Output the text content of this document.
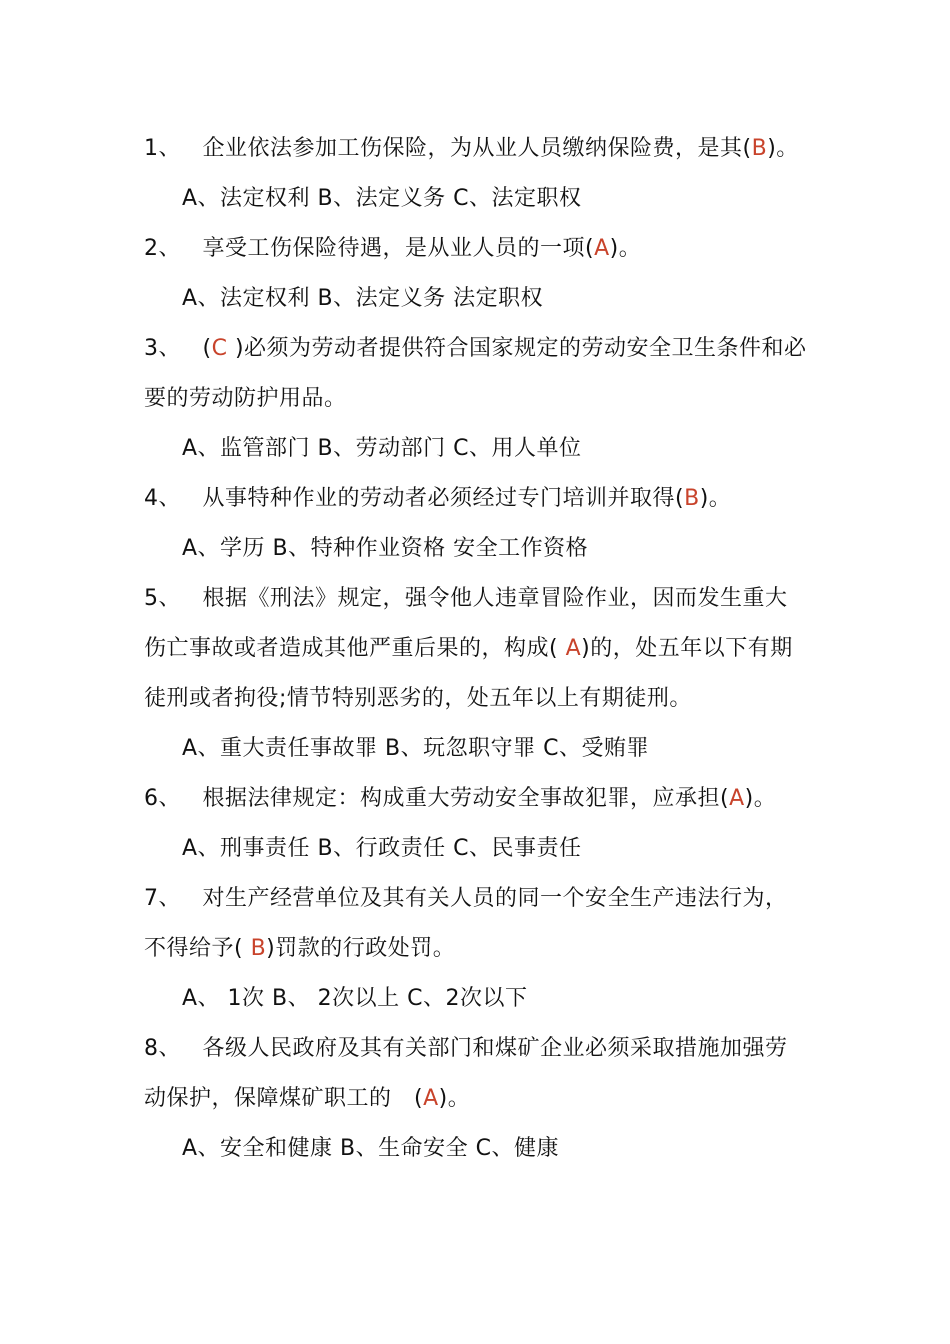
1、 企业依法参加工伤保险，为从业人员缴纳保险费，是其(B)。
A、法定权利 B、法定义务 C、法定职权
2、 享受工伤保险待遇，是从业人员的一项(A)。
A、法定权利 B、法定义务 法定职权
3、 (C )必须为劳动者提供符合国家规定的劳动安全卫生条件和必
要的劳动防护用品。
A、监管部门 B、劳动部门 C、用人单位
4、 从事特种作业的劳动者必须经过专门培训并取得(B)。
A、学历 B、特种作业资格 安全工作资格
5、 根据《刑法》规定，强令他人违章冒险作业，因而发生重大
伤亡事故或者造成其他严重后果的，构成( A)的，处五年以下有期
徒刑或者拘役;情节特别恶劣的，处五年以上有期徒刑。
A、重大责任事故罪 B、玩忽职守罪 C、受贿罪
6、 根据法律规定：构成重大劳动安全事故犯罪，应承担(A)。
A、刑事责任 B、行政责任 C、民事责任
7、 对生产经营单位及其有关人员的同一个安全生产违法行为，
不得给予( B)罚款的行政处罚。
A、 1次 B、 2次以上 C、2次以下
8、 各级人民政府及其有关部门和煤矿企业必须采取措施加强劳
动保护，保障煤矿职工的　(A)。
A、安全和健康 B、生命安全 C、健康
